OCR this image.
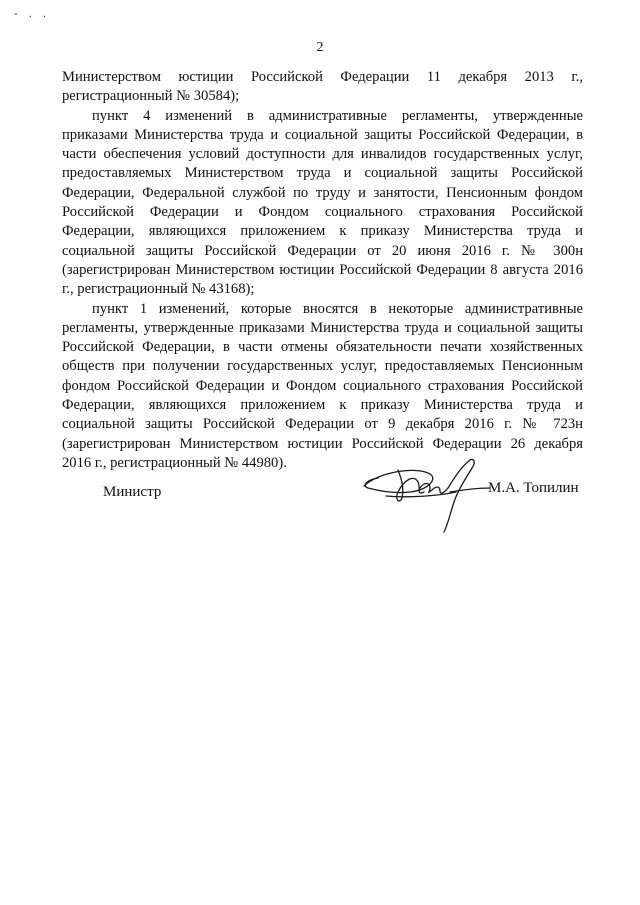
- . .
2

Министерством юстиции Российской Федерации 11 декабря 2013 г., регистрационный № 30584);

пункт 4 изменений в административные регламенты, утвержденные приказами Министерства труда и социальной защиты Российской Федерации, в части обеспечения условий доступности для инвалидов государственных услуг, предоставляемых Министерством труда и социальной защиты Российской Федерации, Федеральной службой по труду и занятости, Пенсионным фондом Российской Федерации и Фондом социального страхования Российской Федерации, являющихся приложением к приказу Министерства труда и социальной защиты Российской Федерации от 20 июня 2016 г. № 300н (зарегистрирован Министерством юстиции Российской Федерации 8 августа 2016 г., регистрационный № 43168);

пункт 1 изменений, которые вносятся в некоторые административные регламенты, утвержденные приказами Министерства труда и социальной защиты Российской Федерации, в части отмены обязательности печати хозяйственных обществ при получении государственных услуг, предоставляемых Пенсионным фондом Российской Федерации и Фондом социального страхования Российской Федерации, являющихся приложением к приказу Министерства труда и социальной защиты Российской Федерации от 9 декабря 2016 г. № 723н (зарегистрирован Министерством юстиции Российской Федерации 26 декабря 2016 г., регистрационный № 44980).

Министр	М.А. Топилин
